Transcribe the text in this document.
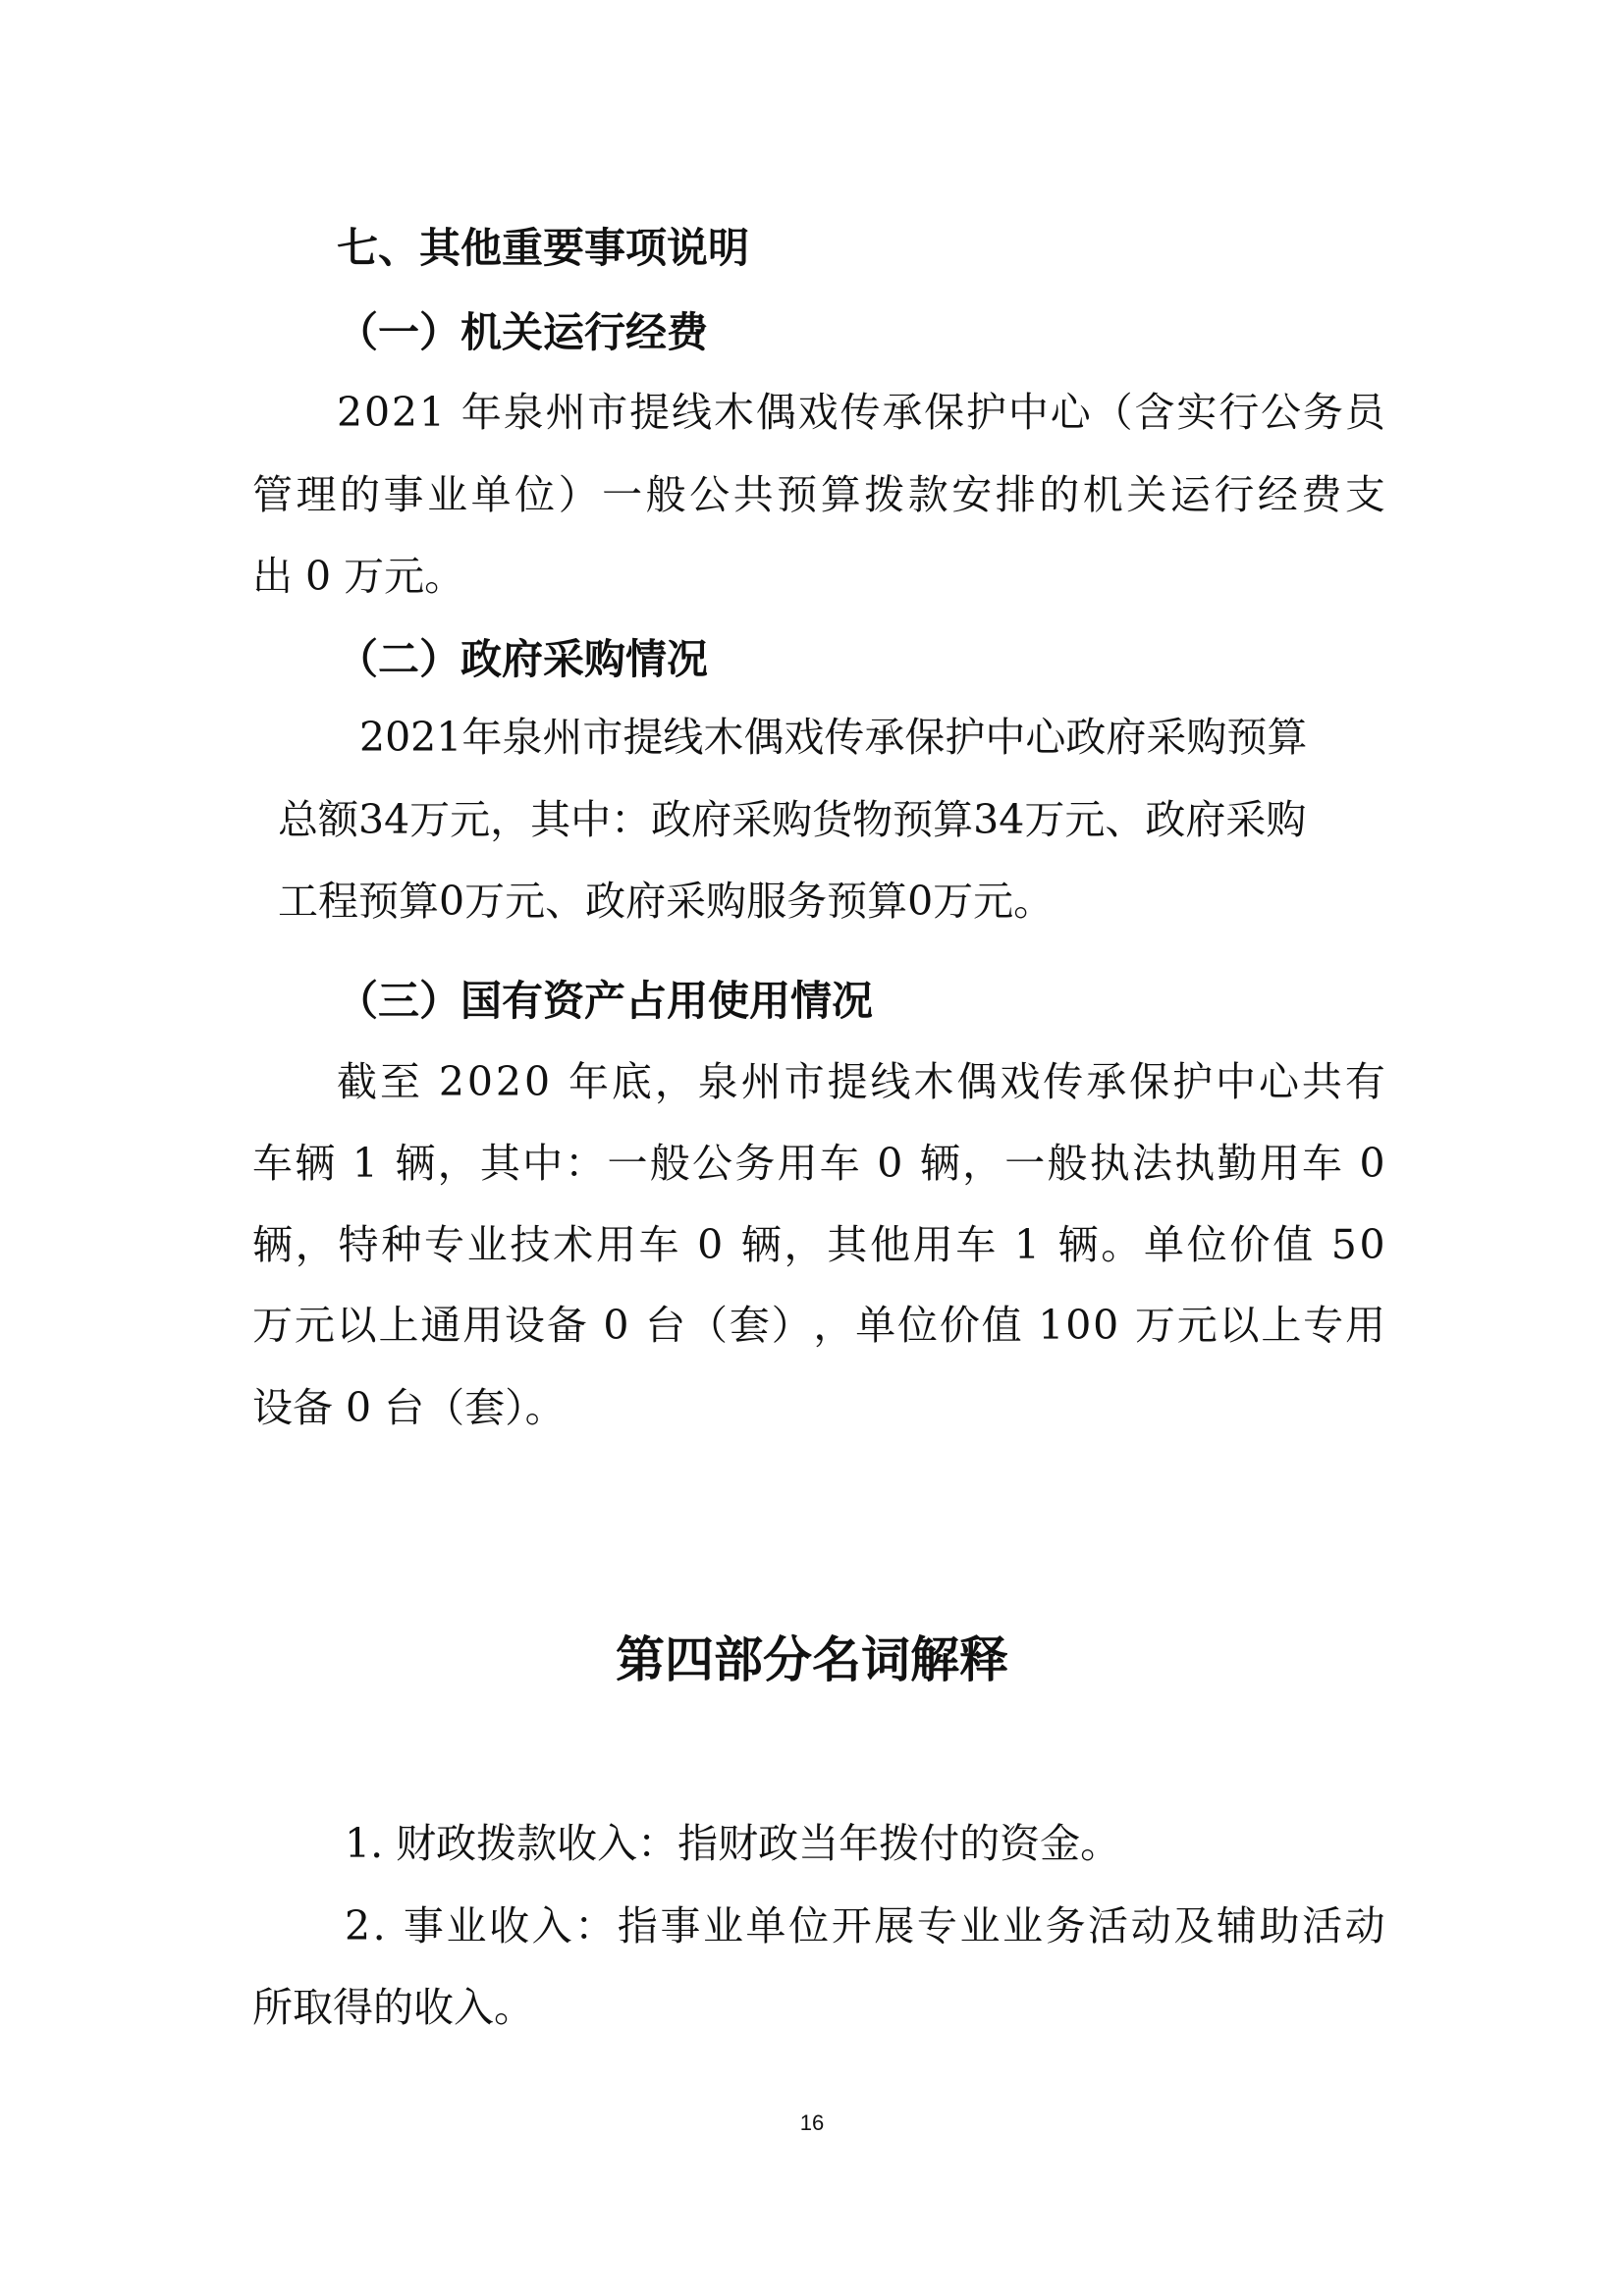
七、其他重要事项说明
（一）机关运行经费
2 0 2 1
年 泉 州 市 提 线 木 偶 戏 传 承 保 护 中 心 （ 含 实 行 公 务 员
管 理 的 事 业 单 位 ） 一 般 公 共 预 算 拨 款 安 排 的 机 关 运 行 经 费 支
出 0 万元。
（二）政府采购情况
2021年泉州市提线木偶戏传承保护中心政府采购预算
总额34万元，其中：政府采购货物预算34万元、政府采购
工程预算0万元、政府采购服务预算0万元。
（三）国有资产占用使用情况
截 至
2 0 2 0
年 底 ， 泉 州 市 提 线 木 偶 戏 传 承 保 护 中 心 共 有
车 辆
1
辆 ， 其 中 ： 一 般 公 务 用 车
0
辆 ， 一 般 执 法 执 勤 用 车
0
辆 ， 特 种 专 业 技 术 用 车
0
辆 ， 其 他 用 车
1
辆 。 单 位 价 值
5 0
万 元 以 上 通 用 设 备
0
台 （ 套 ） ， 单 位 价 值
1 0 0
万 元 以 上 专 用
设备 0 台（套）。
第四部分名词解释
1. 财政拨款收入：指财政当年拨付的资金。
2 .
事 业 收 入 ： 指 事 业 单 位 开 展 专 业 业 务 活 动 及 辅 助 活 动
所取得的收入。
16
